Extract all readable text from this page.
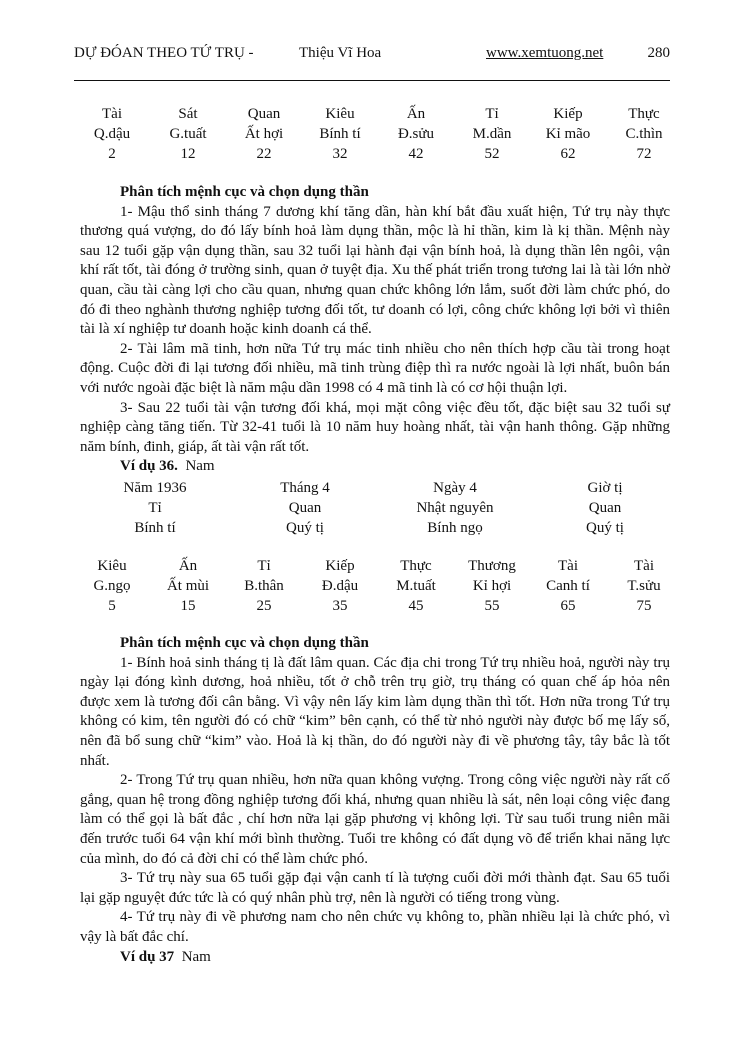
DỰ ĐÓAN THEO TỨ TRỤ -	Thiệu Vĩ Hoa	www.xemtuong.net	280
Tài	Sát	Quan	Kiêu	Ấn	Tỉ	Kiếp	Thực
Q.dậu	G.tuất	Ất hợi	Bính tí	Đ.sửu	M.dần	Kỉ mão	C.thìn
2	12	22	32	42	52	62	72

Phân tích mệnh cục và chọn dụng thần

1- Mậu thổ sinh tháng 7 dương khí tăng dần, hàn khí bắt đầu xuất hiện, Tứ trụ này thực thương quá vượng, do đó lấy bính hoả làm dụng thần, mộc là hỉ thần, kim là kị thần. Mệnh này sau 12 tuổi gặp vận dụng thần, sau 32 tuổi lại hành đại vận bính hoả, là dụng thần lên ngôi, vận khí rất tốt, tài đóng ở trường sinh, quan ở tuyệt địa. Xu thế phát triển trong tương lai là tài lớn nhờ quan, cầu tài càng lợi cho cầu quan, nhưng quan chức không lớn lắm, suốt đời làm chức phó, do đó đi theo nghành thương nghiệp tương đối tốt, tư doanh có lợi, công chức không lợi bởi vì thiên tài là xí nghiệp tư doanh hoặc kinh doanh cá thể.

2- Tài lâm mã tinh, hơn nữa Tứ trụ mác tinh nhiều cho nên thích hợp cầu tài trong hoạt động. Cuộc đời đi lại tương đối nhiều, mã tinh trùng điệp thì ra nước ngoài là lợi nhất, buôn bán với nước ngoài đặc biệt là năm mậu dần 1998 có 4 mã tinh là có cơ hội thuận lợi.

3- Sau 22 tuổi tài vận tương đối khá, mọi mặt công việc đều tốt, đặc biệt sau 32 tuổi sự nghiệp càng tăng tiến. Từ 32-41 tuổi là 10 năm huy hoàng nhất, tài vận hanh thông. Gặp những năm bính, đinh, giáp, ất tài vận rất tốt.

Ví dụ 36. Nam

Năm 1936	Tháng 4	Ngày 4	Giờ tị
Tỉ	Quan	Nhật nguyên	Quan
Bính tí	Quý tị	Bính ngọ	Quý tị
Kiêu	Ấn	Tỉ	Kiếp	Thực	Thương	Tài	Tài
G.ngọ	Ất mùi	B.thân	Đ.dậu	M.tuất	Kỉ hợi	Canh tí	T.sửu
5	15	25	35	45	55	65	75

Phân tích mệnh cục và chọn dụng thần

1- Bính hoả sinh tháng tị là đất lâm quan. Các địa chi trong Tứ trụ nhiều hoả, người này trụ ngày lại đóng kình dương, hoả nhiều, tốt ở chỗ trên trụ giờ, trụ tháng có quan chế áp hỏa nên được xem là tương đối cân bằng. Vì vậy nên lấy kim làm dụng thần thì tốt. Hơn nữa trong Tứ trụ không có kim, tên người đó có chữ “kim” bên cạnh, có thể từ nhỏ người này được bố mẹ lấy số, nên đã bổ sung chữ “kim” vào. Hoả là kị thần, do đó người này đi về phương tây, tây bắc là tốt nhất.

2- Trong Tứ trụ quan nhiều, hơn nữa quan không vượng. Trong công việc người này rất cố gắng, quan hệ trong đồng nghiệp tương đối khá, nhưng quan nhiều là sát, nên loại công việc đang làm có thể gọi là bất đắc , chí hơn nữa lại gặp phương vị không lợi. Từ sau tuổi trung niên mãi đến trước tuổi 64 vận khí mới bình thường. Tuổi tre không có đất dụng võ để triển khai năng lực của mình, do đó cả đời chỉ có thể làm chức phó.

3- Tứ trụ này sua 65 tuổi gặp đại vận canh tí là tượng cuối đời mới thành đạt. Sau 65 tuổi lại gặp nguyệt đức tức là có quý nhân phù trợ, nên là người có tiếng trong vùng.

4- Tứ trụ này đi về phương nam cho nên chức vụ không to, phần nhiều lại là chức phó, vì vậy là bất đắc chí.

Ví dụ 37 Nam
